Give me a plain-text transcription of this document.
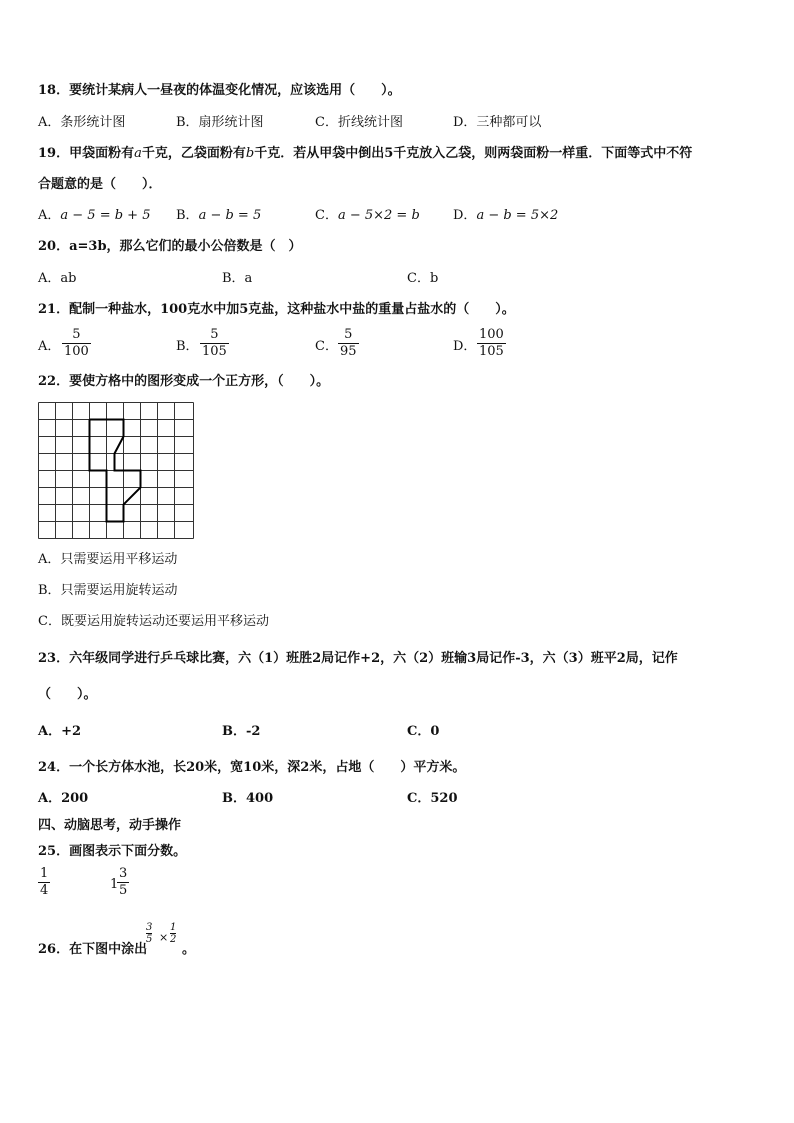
18．要统计某病人一昼夜的体温变化情况，应该选用（　　）。
A．条形统计图	B．扇形统计图	C．折线统计图	D．三种都可以
19．甲袋面粉有a千克，乙袋面粉有b千克．若从甲袋中倒出5千克放入乙袋，则两袋面粉一样重．下面等式中不符
合题意的是（　　）．
A．a − 5 = b + 5 B．a − b = 5	C．a − 5×2 = b	D．a − b = 5×2
20．a=3b，那么它们的最小公倍数是（　）
A．ab	B．a	C．b
21．配制一种盐水，100克水中加5克盐，这种盐水中盐的重量占盐水的（　　）。
A．
5
100	B．
5
105	C．
5
95	D．
100
105
22．要使方格中的图形变成一个正方形，（　　）。
A．只需要运用平移运动
B．只需要运用旋转运动
C．既要运用旋转运动还要运用平移运动
23．六年级同学进行乒乓球比赛，六（1）班胜2局记作+2，六（2）班输3局记作-3，六（3）班平2局，记作
（　　）。
A．+2	B．-2	C．0
24．一个长方体水池，长20米，宽10米，深2米，占地（　　）平方米。
A．200	B．400	C．520
四、动脑思考，动手操作
25．画图表示下面分数。
1
4	1
3
5
26．在下图中涂出
3
5 ×
1
2
。
